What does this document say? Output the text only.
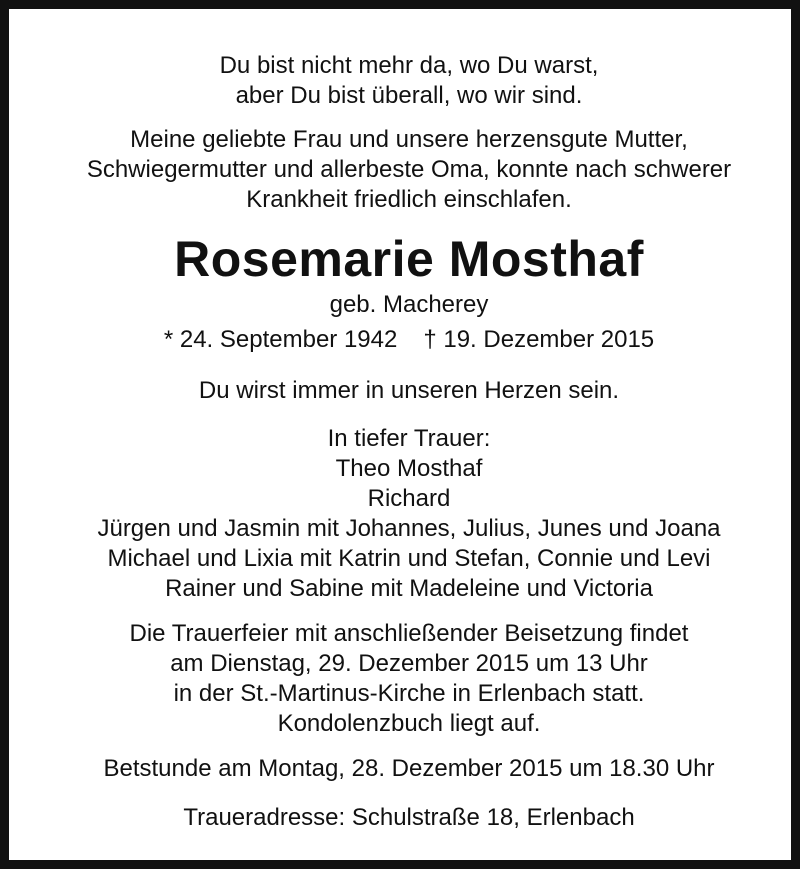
Du bist nicht mehr da, wo Du warst,
aber Du bist überall, wo wir sind.
Meine geliebte Frau und unsere herzensgute Mutter,
Schwiegermutter und allerbeste Oma, konnte nach schwerer
Krankheit friedlich einschlafen.
Rosemarie Mosthaf
geb. Macherey
* 24. September 1942 † 19. Dezember 2015
Du wirst immer in unseren Herzen sein.
In tiefer Trauer:
Theo Mosthaf
Richard
Jürgen und Jasmin mit Johannes, Julius, Junes und Joana
Michael und Lixia mit Katrin und Stefan, Connie und Levi
Rainer und Sabine mit Madeleine und Victoria
Die Trauerfeier mit anschließender Beisetzung findet
am Dienstag, 29. Dezember 2015 um 13 Uhr
in der St.-Martinus-Kirche in Erlenbach statt.
Kondolenzbuch liegt auf.
Betstunde am Montag, 28. Dezember 2015 um 18.30 Uhr
Traueradresse: Schulstraße 18, Erlenbach
